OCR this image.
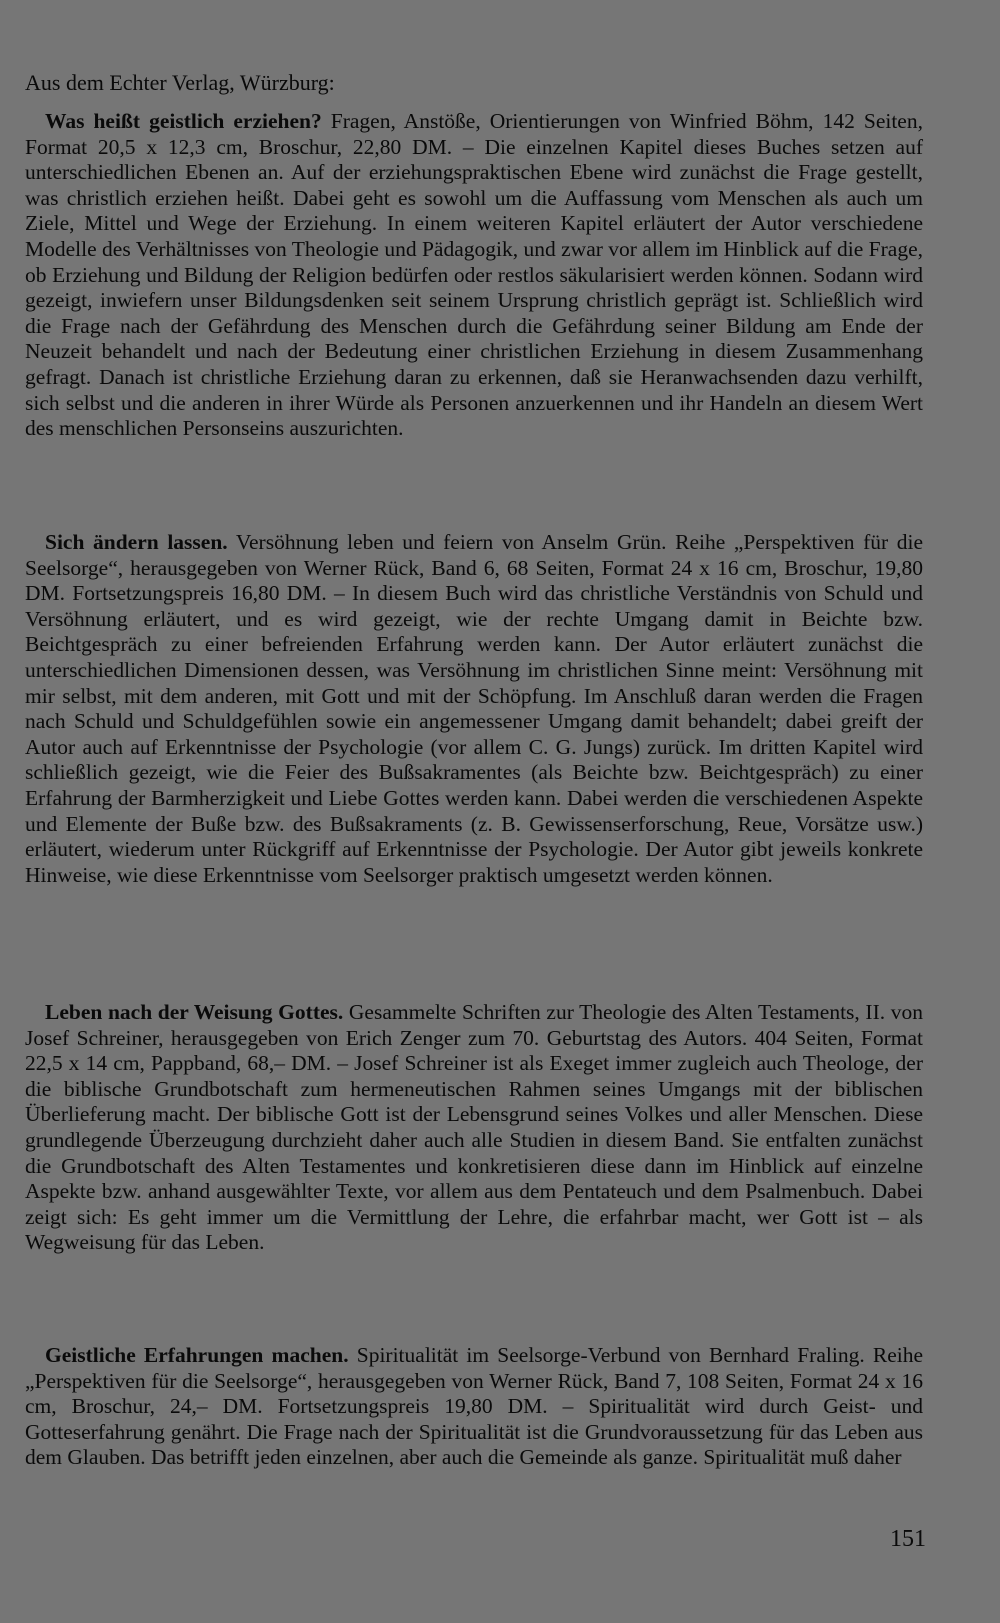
Aus dem Echter Verlag, Würzburg:

Was heißt geistlich erziehen? Fragen, Anstöße, Orientierungen von Winfried Böhm, 142 Seiten, Format 20,5 x 12,3 cm, Broschur, 22,80 DM. – Die einzelnen Kapitel dieses Buches setzen auf unterschiedlichen Ebenen an. Auf der erziehungspraktischen Ebene wird zunächst die Frage gestellt, was christlich erziehen heißt. Dabei geht es sowohl um die Auffassung vom Menschen als auch um Ziele, Mittel und Wege der Erziehung. In einem weiteren Kapitel erläutert der Autor verschiedene Modelle des Verhältnisses von Theologie und Pädagogik, und zwar vor allem im Hinblick auf die Frage, ob Erziehung und Bildung der Religion bedürfen oder restlos säkularisiert werden können. Sodann wird gezeigt, inwiefern unser Bildungsdenken seit seinem Ursprung christlich geprägt ist. Schließlich wird die Frage nach der Gefährdung des Menschen durch die Gefährdung seiner Bildung am Ende der Neuzeit behandelt und nach der Bedeutung einer christlichen Erziehung in diesem Zusammenhang gefragt. Danach ist christliche Erziehung daran zu erkennen, daß sie Heranwachsenden dazu verhilft, sich selbst und die anderen in ihrer Würde als Personen anzuerkennen und ihr Handeln an diesem Wert des menschlichen Personseins auszurichten.

Sich ändern lassen. Versöhnung leben und feiern von Anselm Grün. Reihe „Perspektiven für die Seelsorge“, herausgegeben von Werner Rück, Band 6, 68 Seiten, Format 24 x 16 cm, Broschur, 19,80 DM. Fortsetzungspreis 16,80 DM. – In diesem Buch wird das christliche Verständnis von Schuld und Versöhnung erläutert, und es wird gezeigt, wie der rechte Umgang damit in Beichte bzw. Beichtgespräch zu einer befreienden Erfahrung werden kann. Der Autor erläutert zunächst die unterschiedlichen Dimensionen dessen, was Versöhnung im christlichen Sinne meint: Versöhnung mit mir selbst, mit dem anderen, mit Gott und mit der Schöpfung. Im Anschluß daran werden die Fragen nach Schuld und Schuldgefühlen sowie ein angemessener Umgang damit behandelt; dabei greift der Autor auch auf Erkenntnisse der Psychologie (vor allem C. G. Jungs) zurück. Im dritten Kapitel wird schließlich gezeigt, wie die Feier des Bußsakramentes (als Beichte bzw. Beichtgespräch) zu einer Erfahrung der Barmherzigkeit und Liebe Gottes werden kann. Dabei werden die verschiedenen Aspekte und Elemente der Buße bzw. des Bußsakraments (z. B. Gewissenserforschung, Reue, Vorsätze usw.) erläutert, wiederum unter Rückgriff auf Erkenntnisse der Psychologie. Der Autor gibt jeweils konkrete Hinweise, wie diese Erkenntnisse vom Seelsorger praktisch umgesetzt werden können.

Leben nach der Weisung Gottes. Gesammelte Schriften zur Theologie des Alten Testaments, II. von Josef Schreiner, herausgegeben von Erich Zenger zum 70. Geburtstag des Autors. 404 Seiten, Format 22,5 x 14 cm, Pappband, 68,– DM. – Josef Schreiner ist als Exeget immer zugleich auch Theologe, der die biblische Grundbotschaft zum hermeneutischen Rahmen seines Umgangs mit der biblischen Überlieferung macht. Der biblische Gott ist der Lebensgrund seines Volkes und aller Menschen. Diese grundlegende Überzeugung durchzieht daher auch alle Studien in diesem Band. Sie entfalten zunächst die Grundbotschaft des Alten Testamentes und konkretisieren diese dann im Hinblick auf einzelne Aspekte bzw. anhand ausgewählter Texte, vor allem aus dem Pentateuch und dem Psalmenbuch. Dabei zeigt sich: Es geht immer um die Vermittlung der Lehre, die erfahrbar macht, wer Gott ist – als Wegweisung für das Leben.

Geistliche Erfahrungen machen. Spiritualität im Seelsorge-Verbund von Bernhard Fraling. Reihe „Perspektiven für die Seelsorge“, herausgegeben von Werner Rück, Band 7, 108 Seiten, Format 24 x 16 cm, Broschur, 24,– DM. Fortsetzungspreis 19,80 DM. – Spiritualität wird durch Geist- und Gotteserfahrung genährt. Die Frage nach der Spiritualität ist die Grundvoraussetzung für das Leben aus dem Glauben. Das betrifft jeden einzelnen, aber auch die Gemeinde als ganze. Spiritualität muß daher

151
